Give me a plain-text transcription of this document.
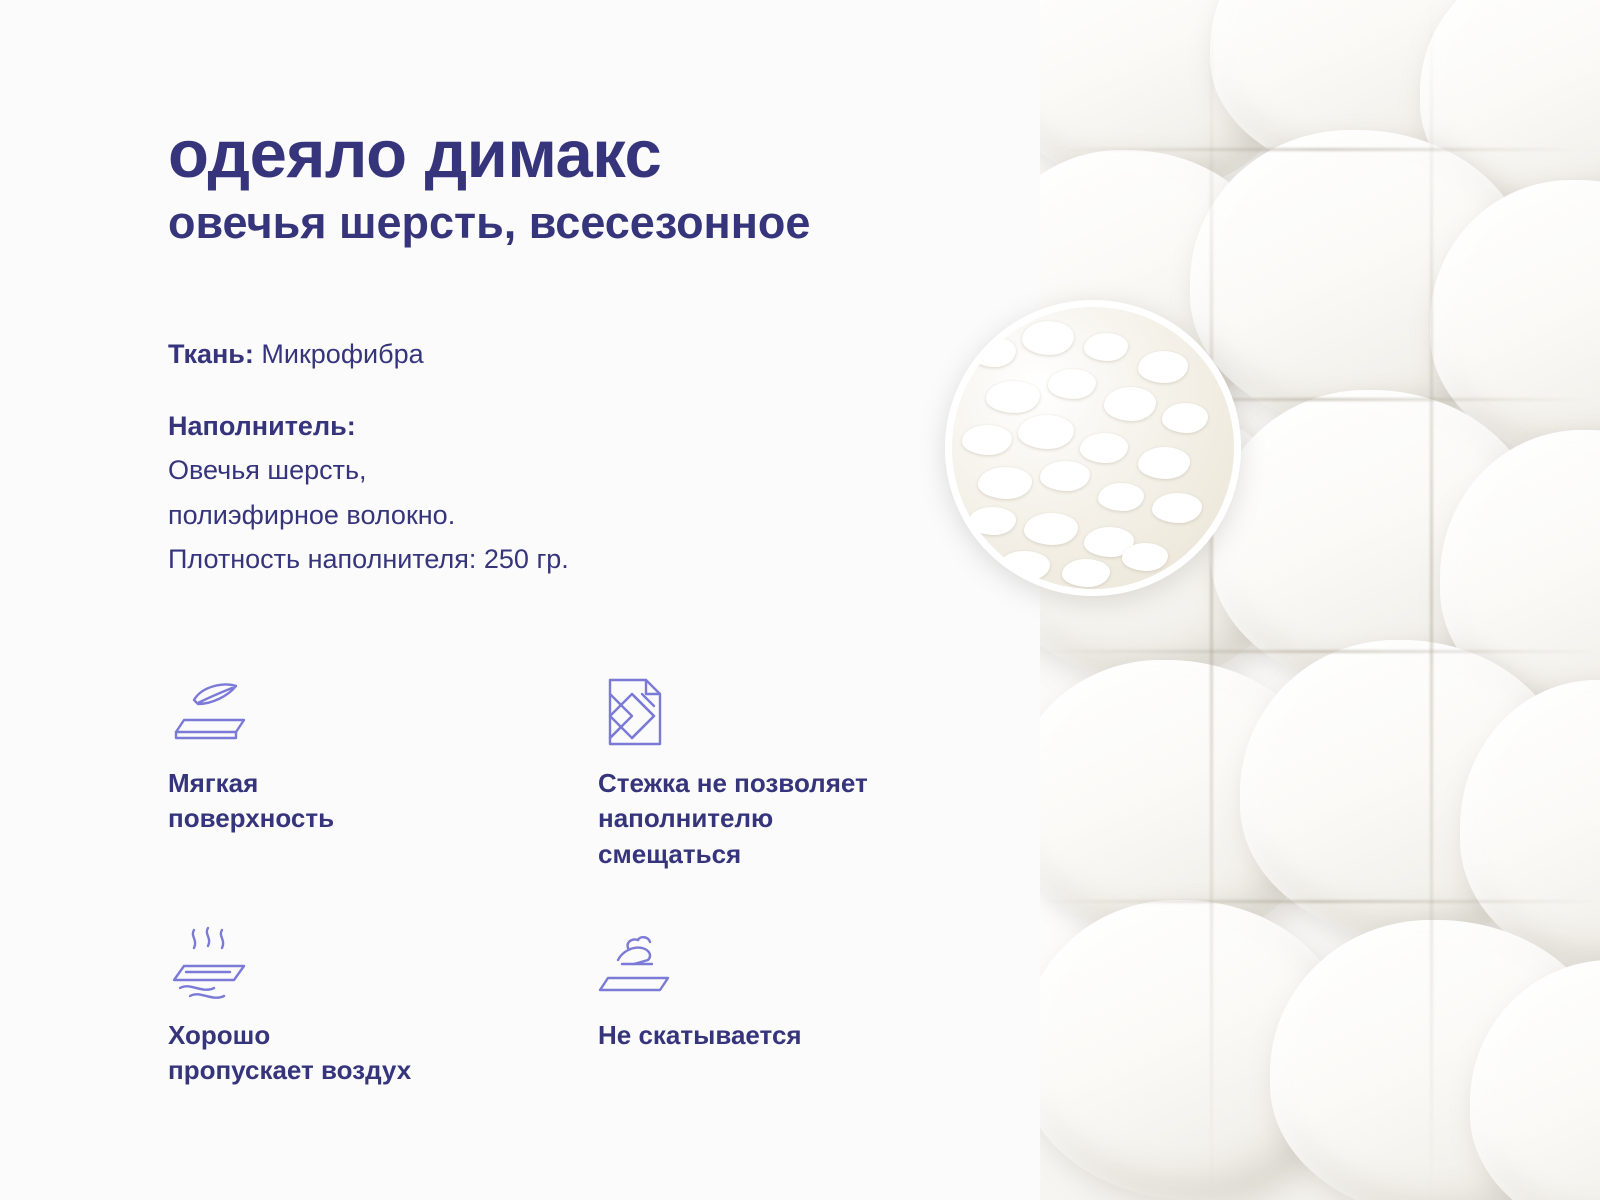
одеяло димакс
овечья шерсть, всесезонное
Ткань: Микрофибра
Наполнитель:
Овечья шерсть,
полиэфирное волокно.
Плотность наполнителя: 250 гр.
Мягкая
поверхность
Стежка не позволяет
наполнителю
смещаться
Хорошо
пропускает воздух
Не скатывается
